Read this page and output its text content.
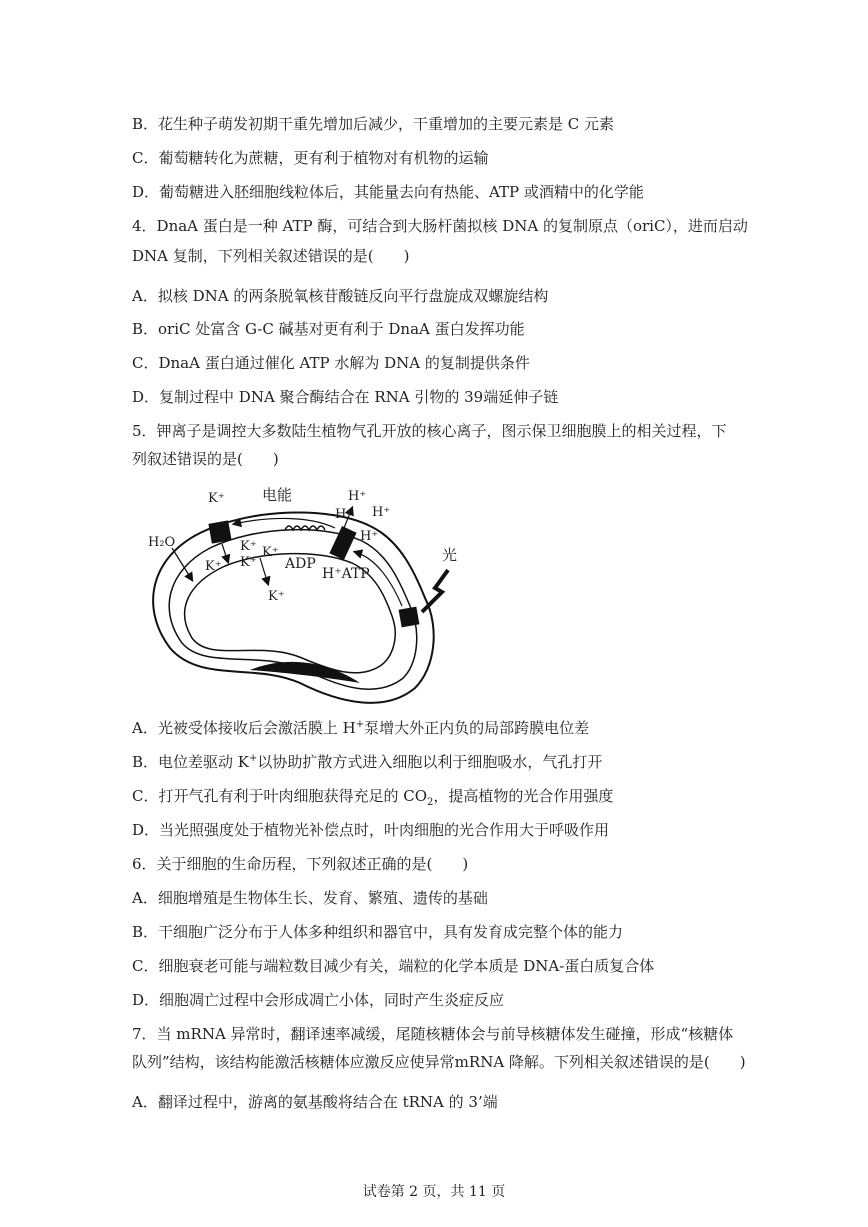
B．花生种子萌发初期干重先增加后减少，干重增加的主要元素是 C 元素
C．葡萄糖转化为蔗糖，更有利于植物对有机物的运输
D．葡萄糖进入胚细胞线粒体后，其能量去向有热能、ATP 或酒精中的化学能
4．DnaA 蛋白是一种 ATP 酶，可结合到大肠杆菌拟核 DNA 的复制原点（oriC），进而启动
DNA 复制，下列相关叙述错误的是(　　)
A．拟核 DNA 的两条脱氧核苷酸链反向平行盘旋成双螺旋结构
B．oriC 处富含 G-C 碱基对更有利于 DnaA 蛋白发挥功能
C．DnaA 蛋白通过催化 ATP 水解为 DNA 的复制提供条件
D．复制过程中 DNA 聚合酶结合在 RNA 引物的 39端延伸子链
5．钾离子是调控大多数陆生植物气孔开放的核心离子，图示保卫细胞膜上的相关过程，下
列叙述错误的是(　　)
K⁺ 电能	H⁺
H⁺ H⁺
H⁺
H₂O	K⁺ K⁺
K⁺
K⁺
K⁺
ADP
H⁺ATP
光
A．光被受体接收后会激活膜上 H+泵增大外正内负的局部跨膜电位差
B．电位差驱动 K+以协助扩散方式进入细胞以利于细胞吸水，气孔打开
C．打开气孔有利于叶肉细胞获得充足的 $CO_2$，提高植物的光合作用强度
D．当光照强度处于植物光补偿点时，叶肉细胞的光合作用大于呼吸作用
6．关于细胞的生命历程，下列叙述正确的是(　　)
A．细胞增殖是生物体生长、发育、繁殖、遗传的基础
B．干细胞广泛分布于人体多种组织和器官中，具有发育成完整个体的能力
C．细胞衰老可能与端粒数目减少有关，端粒的化学本质是 DNA-蛋白质复合体
D．细胞凋亡过程中会形成凋亡小体，同时产生炎症反应
7．当 mRNA 异常时，翻译速率减缓，尾随核糖体会与前导核糖体发生碰撞，形成“核糖体
队列”结构，该结构能激活核糖体应激反应使异常mRNA 降解。下列相关叙述错误的是(　　)
A．翻译过程中，游离的氨基酸将结合在 tRNA 的 3’端
试卷第 2 页，共 11 页
